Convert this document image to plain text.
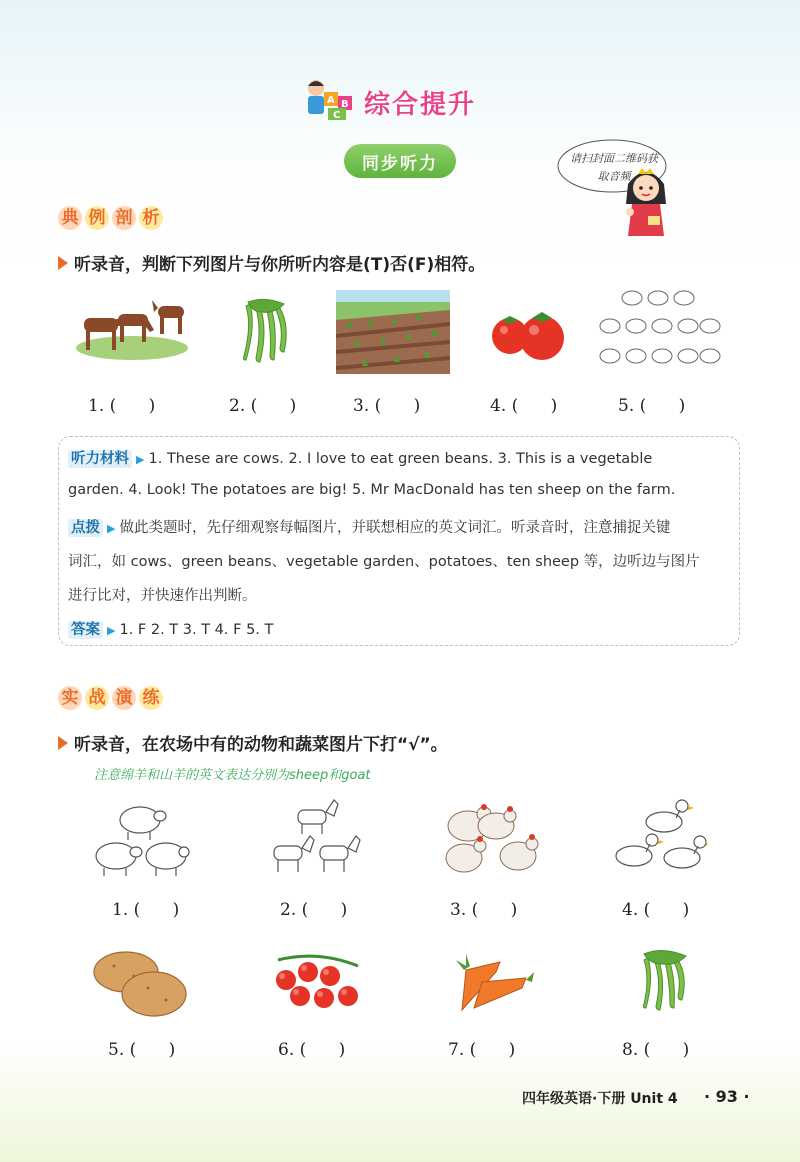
A B
C 综合提升
同步听力	请扫封面二维码获取音频
典 例 剖 析
听录音，判断下列图片与你所听内容是(T)否(F)相符。
1. (      )	2. (      )	3. (      )	4. (      )	5. (      )
听力材料 ▶ 1. These are cows. 2. I love to eat green beans. 3. This is a vegetable
garden. 4. Look! The potatoes are big! 5. Mr MacDonald has ten sheep on the farm.
点拨 ▶ 做此类题时，先仔细观察每幅图片，并联想相应的英文词汇。听录音时，注意捕捉关键
词汇，如 cows、green beans、vegetable garden、potatoes、ten sheep 等，边听边与图片
进行比对，并快速作出判断。
答案 ▶ 1. F 2. T 3. T 4. F 5. T
实 战 演 练
听录音，在农场中有的动物和蔬菜图片下打“√”。
注意绵羊和山羊的英文表达分别为sheep和goat
1. (      )	2. (      )	3. (      )	4. (      )
5. (      )	6. (      )	7. (      )	8. (      )
四年级英语·下册 Unit 4 · 93 ·
